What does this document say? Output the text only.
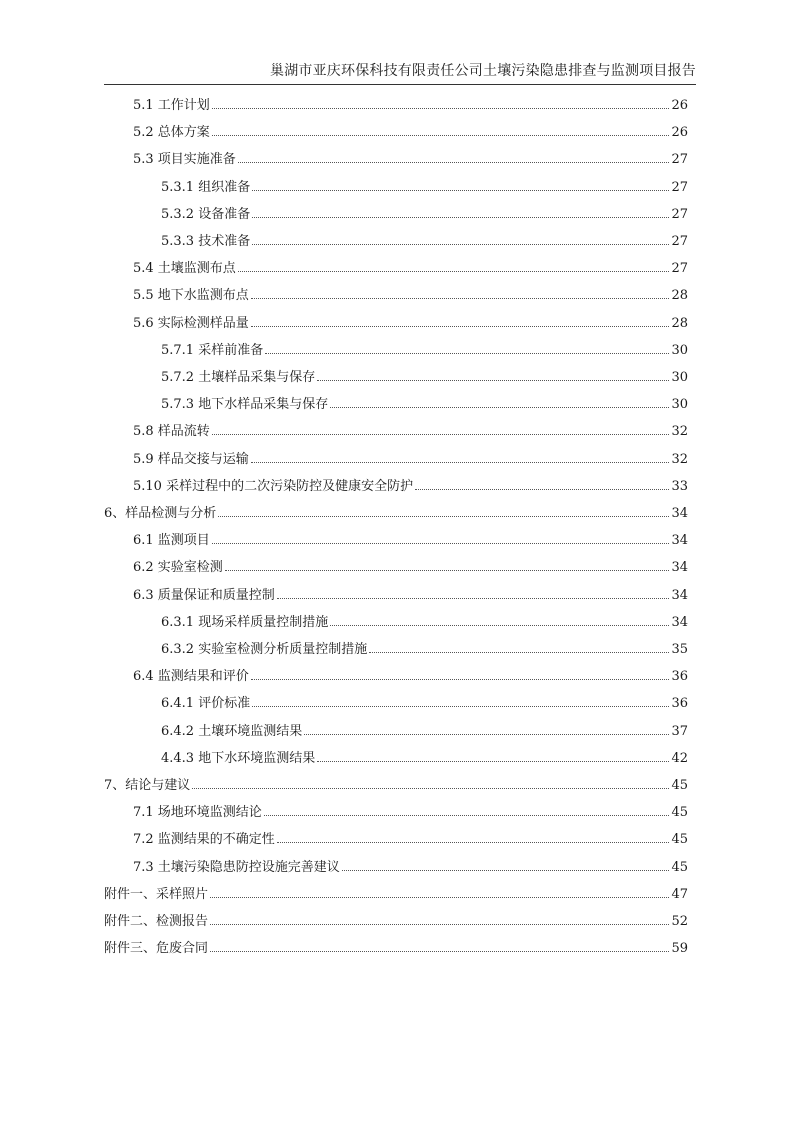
巢湖市亚庆环保科技有限责任公司土壤污染隐患排查与监测项目报告
5.1 工作计划	26
5.2 总体方案	26
5.3 项目实施准备	27
5.3.1 组织准备	27
5.3.2 设备准备	27
5.3.3 技术准备	27
5.4 土壤监测布点	27
5.5 地下水监测布点	28
5.6 实际检测样品量	28
5.7.1 采样前准备	30
5.7.2 土壤样品采集与保存	30
5.7.3 地下水样品采集与保存	30
5.8 样品流转	32
5.9 样品交接与运输	32
5.10 采样过程中的二次污染防控及健康安全防护	33
6、样品检测与分析	34
6.1 监测项目	34
6.2 实验室检测	34
6.3 质量保证和质量控制	34
6.3.1 现场采样质量控制措施	34
6.3.2 实验室检测分析质量控制措施	35
6.4 监测结果和评价	36
6.4.1 评价标准	36
6.4.2 土壤环境监测结果	37
4.4.3 地下水环境监测结果	42
7、结论与建议	45
7.1 场地环境监测结论	45
7.2 监测结果的不确定性	45
7.3 土壤污染隐患防控设施完善建议	45
附件一、采样照片	47
附件二、检测报告	52
附件三、危废合同	59
